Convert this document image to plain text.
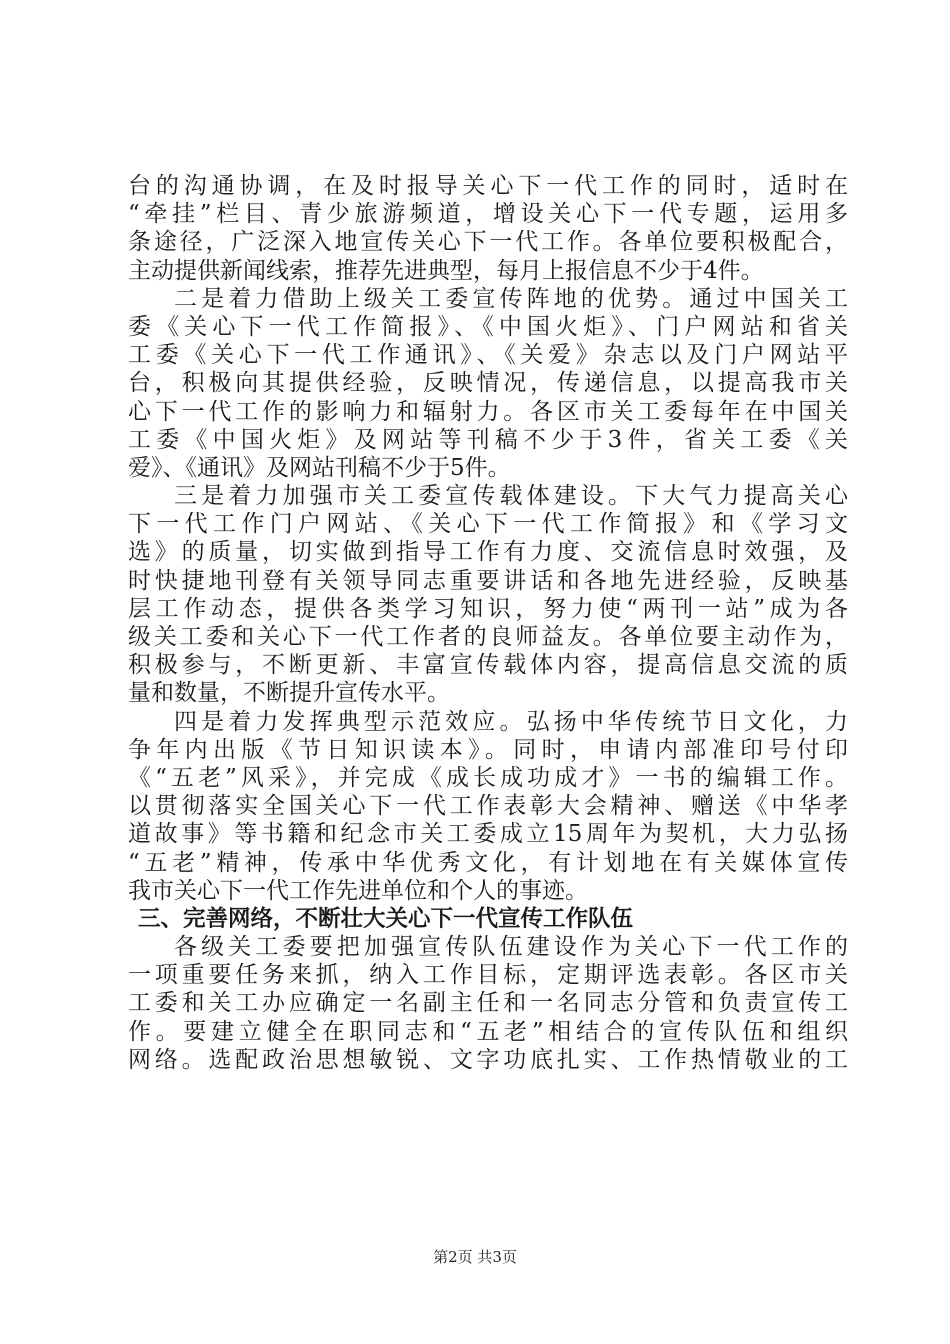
台的沟通协调，在及时报导关心下一代工作的同时，适时在
“牵挂”栏目、青少旅游频道，增设关心下一代专题，运用多
条途径，广泛深入地宣传关心下一代工作。各单位要积极配合，
主动提供新闻线索，推荐先进典型，每月上报信息不少于4件。
二是着力借助上级关工委宣传阵地的优势。通过中国关工
委《关心下一代工作简报》、《中国火炬》、门户网站和省关
工委《关心下一代工作通讯》、《关爱》杂志以及门户网站平
台，积极向其提供经验，反映情况，传递信息，以提高我市关
心下一代工作的影响力和辐射力。各区市关工委每年在中国关
工委《中国火炬》及网站等刊稿不少于3件，省关工委《关
爱》、《通讯》及网站刊稿不少于5件。
三是着力加强市关工委宣传载体建设。下大气力提高关心
下一代工作门户网站、《关心下一代工作简报》和《学习文
选》的质量，切实做到指导工作有力度、交流信息时效强，及
时快捷地刊登有关领导同志重要讲话和各地先进经验，反映基
层工作动态，提供各类学习知识，努力使“两刊一站”成为各
级关工委和关心下一代工作者的良师益友。各单位要主动作为，
积极参与，不断更新、丰富宣传载体内容，提高信息交流的质
量和数量，不断提升宣传水平。
四是着力发挥典型示范效应。弘扬中华传统节日文化，力
争年内出版《节日知识读本》。同时，申请内部准印号付印
《“五老”风采》，并完成《成长成功成才》一书的编辑工作。
以贯彻落实全国关心下一代工作表彰大会精神、赠送《中华孝
道故事》等书籍和纪念市关工委成立15周年为契机，大力弘扬
“五老”精神，传承中华优秀文化，有计划地在有关媒体宣传
我市关心下一代工作先进单位和个人的事迹。
三、完善网络，不断壮大关心下一代宣传工作队伍
各级关工委要把加强宣传队伍建设作为关心下一代工作的
一项重要任务来抓，纳入工作目标，定期评选表彰。各区市关
工委和关工办应确定一名副主任和一名同志分管和负责宣传工
作。要建立健全在职同志和“五老”相结合的宣传队伍和组织
网络。选配政治思想敏锐、文字功底扎实、工作热情敬业的工
第2页 共3页
